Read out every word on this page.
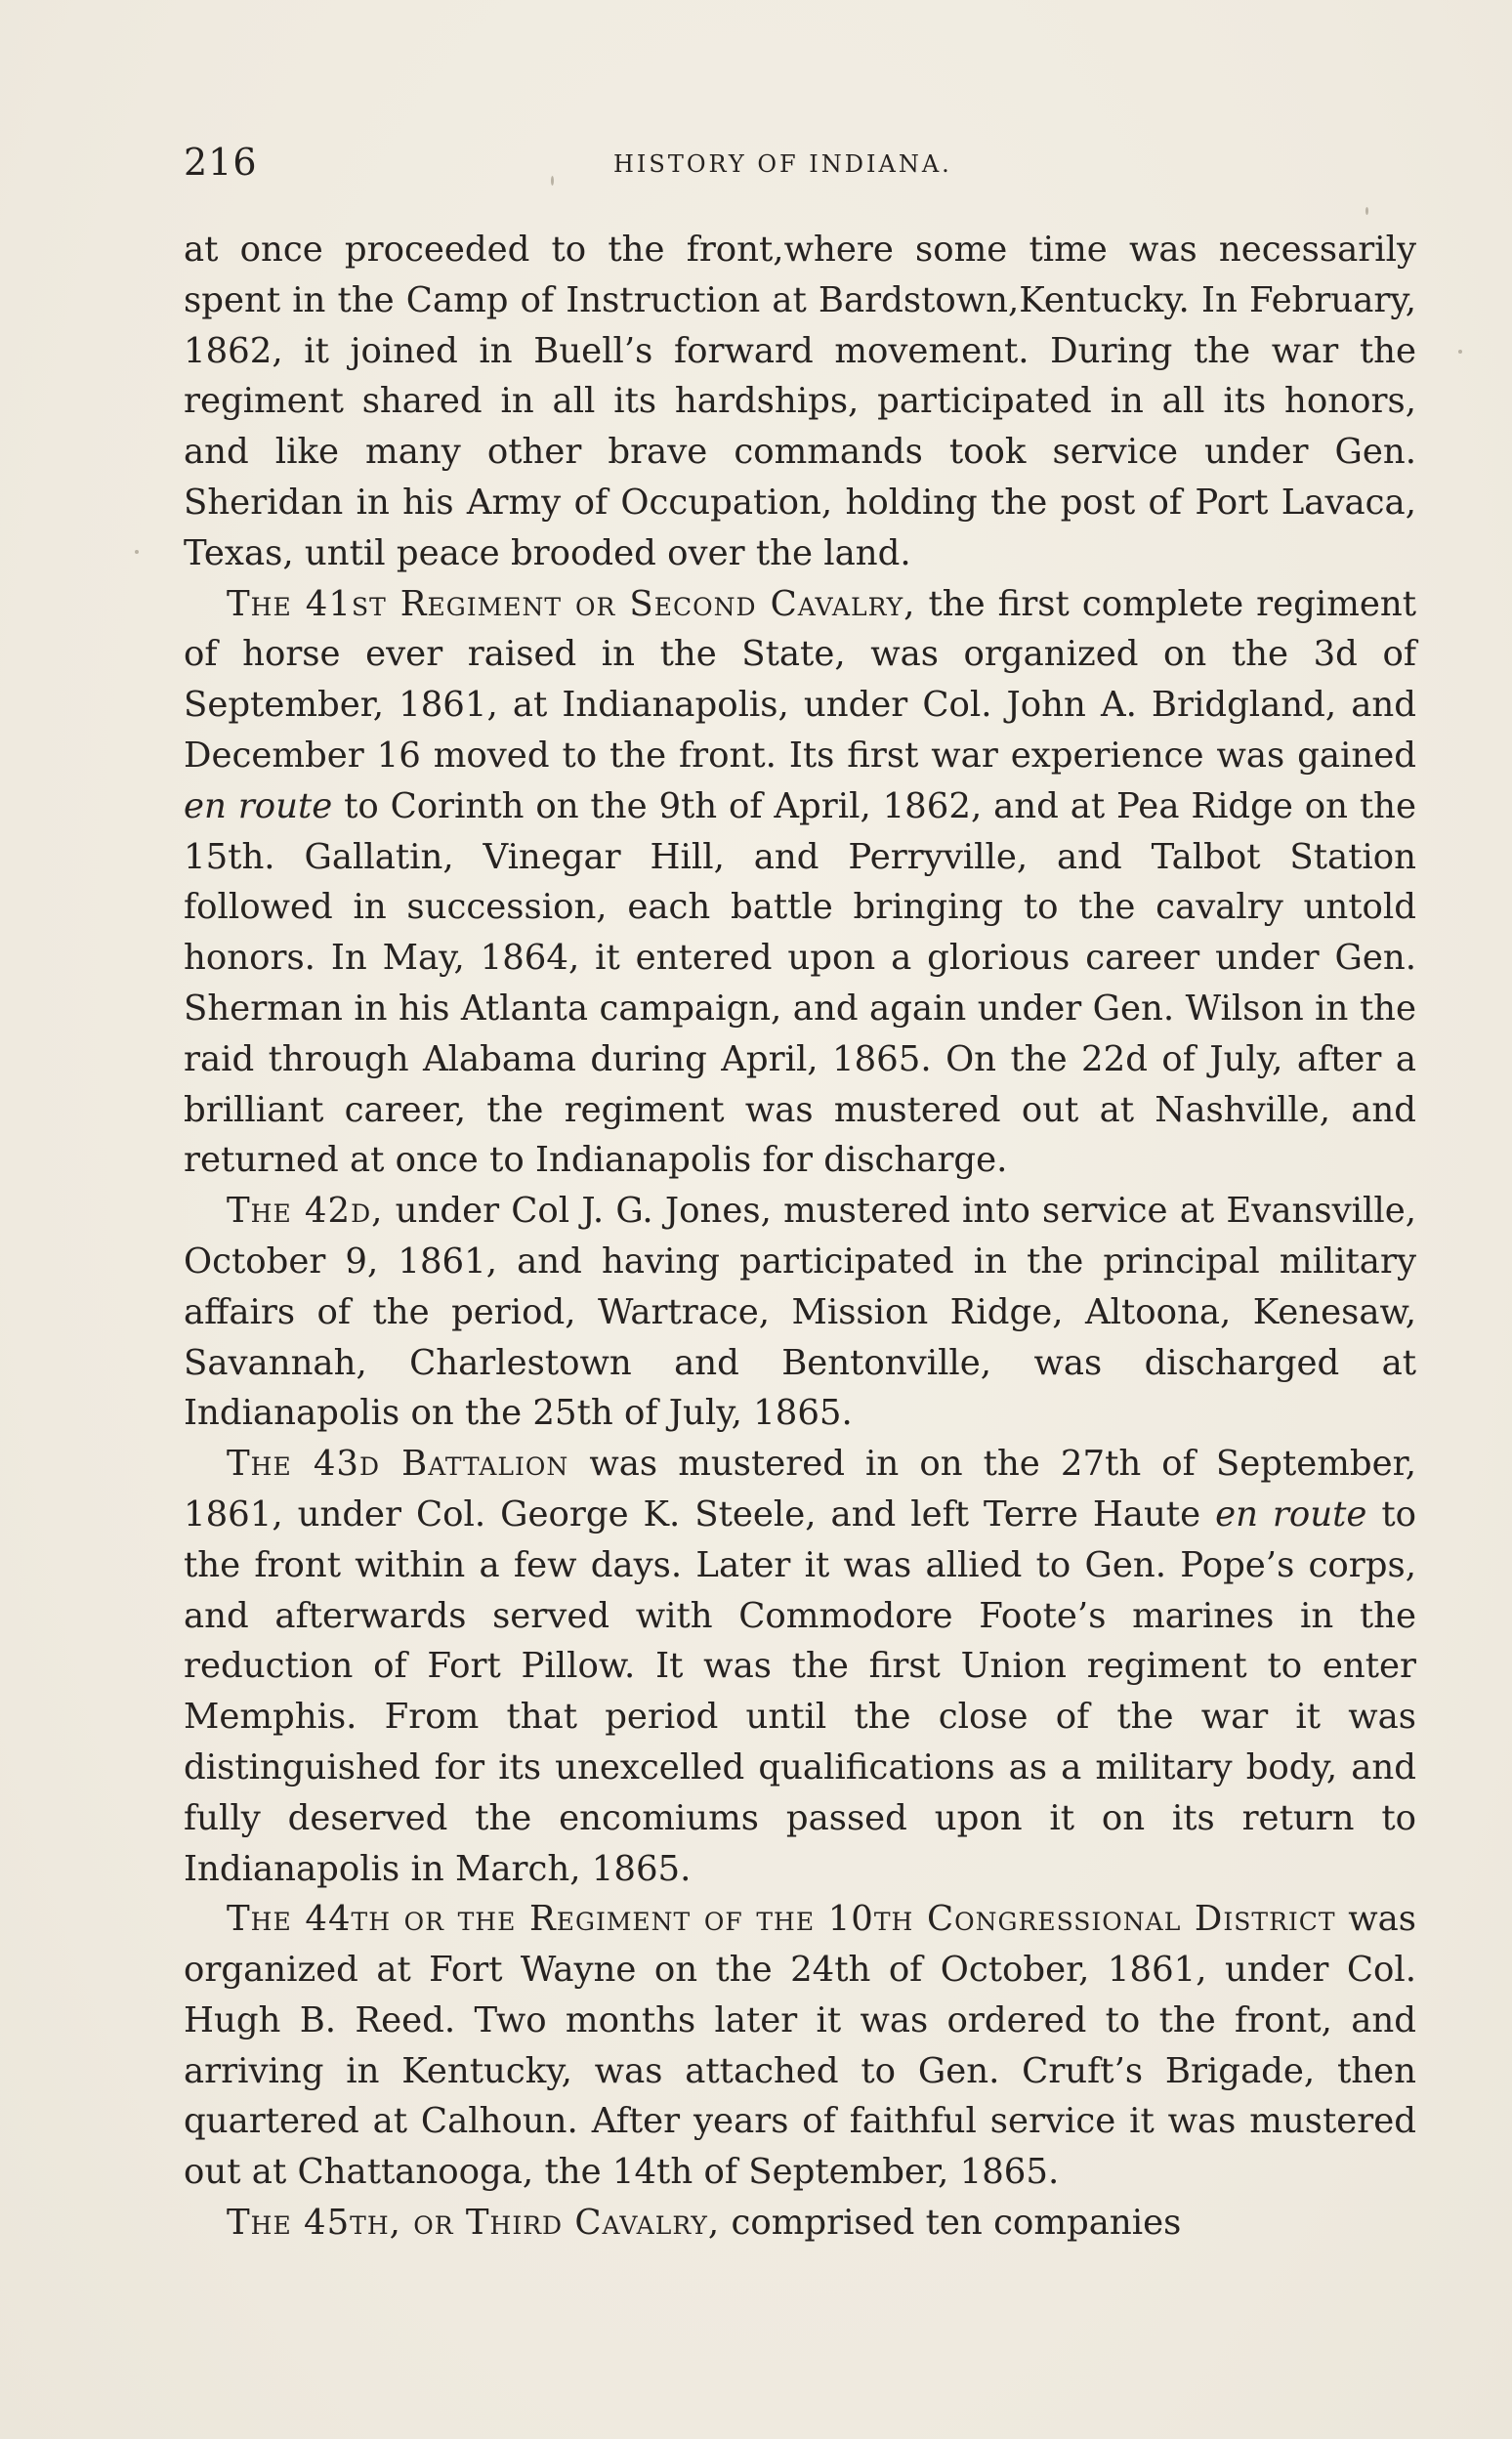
216	HISTORY OF INDIANA.

at once proceeded to the front,where some time was necessarily spent in the Camp of Instruction at Bardstown,Kentucky. In February, 1862, it joined in Buell’s forward movement. During the war the regiment shared in all its hardships, participated in all its honors, and like many other brave commands took service under Gen. Sheridan in his Army of Occupation, holding the post of Port Lavaca, Texas, until peace brooded over the land.

The 41st Regiment or Second Cavalry, the first complete regiment of horse ever raised in the State, was organized on the 3d of September, 1861, at Indianapolis, under Col. John A. Bridgland, and December 16 moved to the front. Its first war experience was gained en route to Corinth on the 9th of April, 1862, and at Pea Ridge on the 15th. Gallatin, Vinegar Hill, and Perryville, and Talbot Station followed in succession, each battle bringing to the cavalry untold honors. In May, 1864, it entered upon a glorious career under Gen. Sherman in his Atlanta campaign, and again under Gen. Wilson in the raid through Alabama during April, 1865. On the 22d of July, after a brilliant career, the regiment was mustered out at Nashville, and returned at once to Indianapolis for discharge.

The 42d, under Col J. G. Jones, mustered into service at Evansville, October 9, 1861, and having participated in the principal military affairs of the period, Wartrace, Mission Ridge, Altoona, Kenesaw, Savannah, Charlestown and Bentonville, was discharged at Indianapolis on the 25th of July, 1865.

The 43d Battalion was mustered in on the 27th of September, 1861, under Col. George K. Steele, and left Terre Haute en route to the front within a few days. Later it was allied to Gen. Pope’s corps, and afterwards served with Commodore Foote’s marines in the reduction of Fort Pillow. It was the first Union regiment to enter Memphis. From that period until the close of the war it was distinguished for its unexcelled qualifications as a military body, and fully deserved the encomiums passed upon it on its return to Indianapolis in March, 1865.

The 44th or the Regiment of the 10th Congressional District was organized at Fort Wayne on the 24th of October, 1861, under Col. Hugh B. Reed. Two months later it was ordered to the front, and arriving in Kentucky, was attached to Gen. Cruft’s Brigade, then quartered at Calhoun. After years of faithful service it was mustered out at Chattanooga, the 14th of September, 1865.

The 45th, or Third Cavalry, comprised ten companies
